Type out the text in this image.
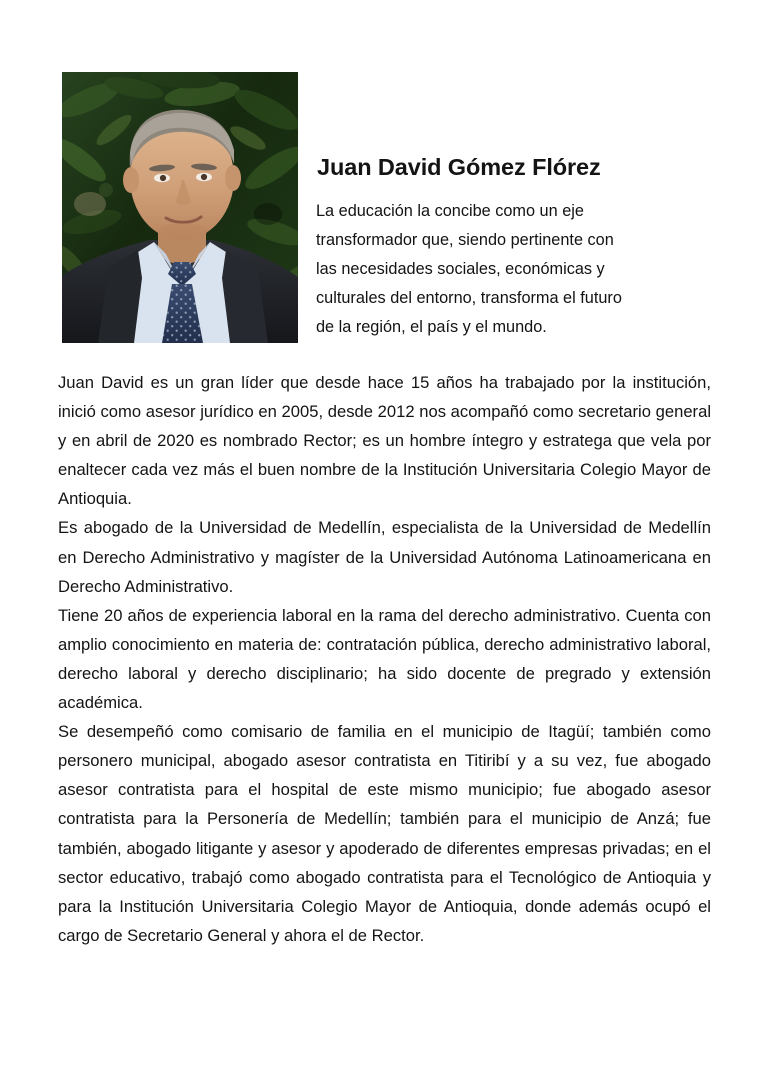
Juan David Gómez Flórez
La educación la concibe como un eje
transformador que, siendo pertinente con
las necesidades sociales, económicas y
culturales del entorno, transforma el futuro
de la región, el país y el mundo.

Juan David es un gran líder que desde hace 15 años ha trabajado por la institución, inició como asesor jurídico en 2005, desde 2012 nos acompañó como secretario general y en abril de 2020 es nombrado Rector; es un hombre íntegro y estratega que vela por enaltecer cada vez más el buen nombre de la Institución Universitaria Colegio Mayor de Antioquia.

Es abogado de la Universidad de Medellín, especialista de la Universidad de Medellín en Derecho Administrativo y magíster de la Universidad Autónoma Latinoamericana en Derecho Administrativo.

Tiene 20 años de experiencia laboral en la rama del derecho administrativo. Cuenta con amplio conocimiento en materia de: contratación pública, derecho administrativo laboral, derecho laboral y derecho disciplinario; ha sido docente de pregrado y extensión académica.

Se desempeñó como comisario de familia en el municipio de Itagüí; también como personero municipal, abogado asesor contratista en Titiribí y a su vez, fue abogado asesor contratista para el hospital de este mismo municipio; fue abogado asesor contratista para la Personería de Medellín; también para el municipio de Anzá; fue también, abogado litigante y asesor y apoderado de diferentes empresas privadas; en el sector educativo, trabajó como abogado contratista para el Tecnológico de Antioquia y para la Institución Universitaria Colegio Mayor de Antioquia, donde además ocupó el cargo de Secretario General y ahora el de Rector.
